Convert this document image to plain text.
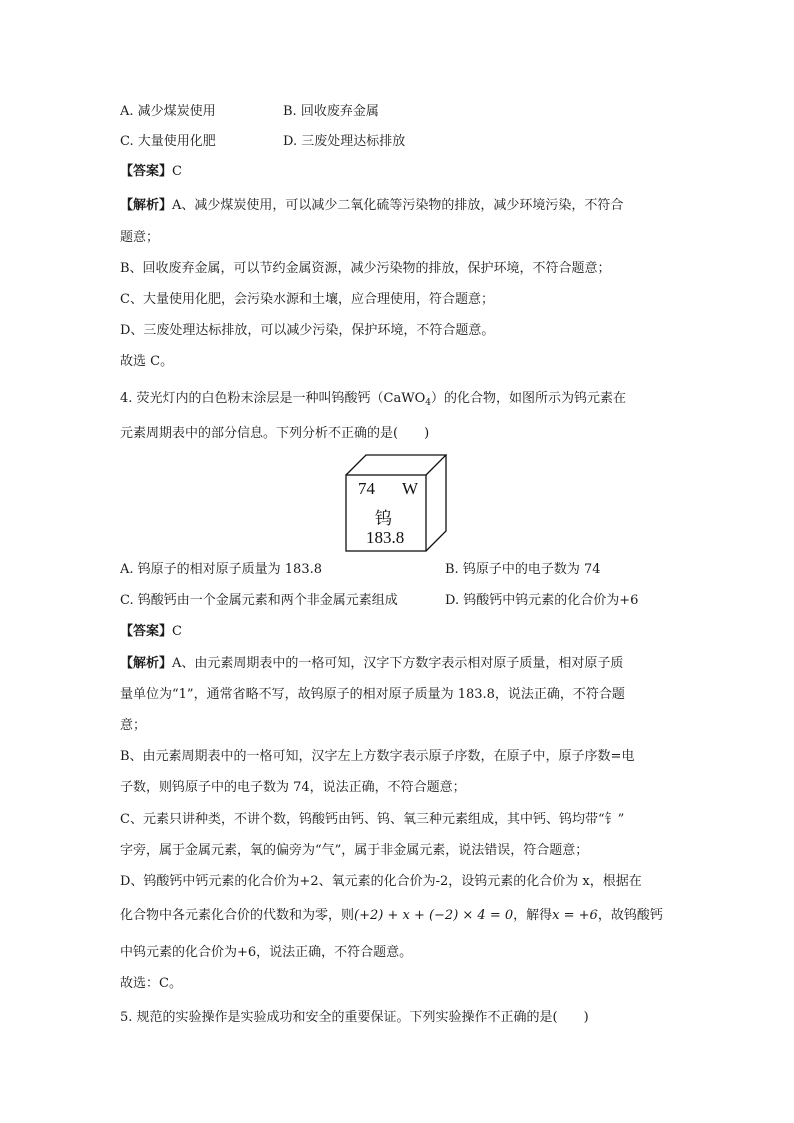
A. 减少煤炭使用	B. 回收废弃金属
C. 大量使用化肥	D. 三废处理达标排放
【答案】C
【解析】A、减少煤炭使用，可以减少二氧化硫等污染物的排放，减少环境污染，不符合
题意；
B、回收废弃金属，可以节约金属资源，减少污染物的排放，保护环境，不符合题意；
C、大量使用化肥，会污染水源和土壤，应合理使用，符合题意；
D、三废处理达标排放，可以减少污染，保护环境，不符合题意。
故选 C。
4. 荧光灯内的白色粉末涂层是一种叫钨酸钙（CaWO$_4$）的化合物，如图所示为钨元素在
元素周期表中的部分信息。下列分析不正确的是(　　)
74 W
钨
183.8
A. 钨原子的相对原子质量为 183.8	B. 钨原子中的电子数为 74
C. 钨酸钙由一个金属元素和两个非金属元素组成	D. 钨酸钙中钨元素的化合价为+6
【答案】C
【解析】A、由元素周期表中的一格可知，汉字下方数字表示相对原子质量，相对原子质
量单位为“1”，通常省略不写，故钨原子的相对原子质量为 183.8，说法正确，不符合题
意；
B、由元素周期表中的一格可知，汉字左上方数字表示原子序数，在原子中，原子序数=电
子数，则钨原子中的电子数为 74，说法正确，不符合题意；
C、元素只讲种类，不讲个数，钨酸钙由钙、钨、氧三种元素组成，其中钙、钨均带“钅”
字旁，属于金属元素，氧的偏旁为“气”，属于非金属元素，说法错误，符合题意；
D、钨酸钙中钙元素的化合价为+2、氧元素的化合价为-2，设钨元素的化合价为 x，根据在
化合物中各元素化合价的代数和为零，则(+2) + x + (−2) × 4 = 0，解得x = +6，故钨酸钙
中钨元素的化合价为+6，说法正确，不符合题意。
故选：C。
5. 规范的实验操作是实验成功和安全的重要保证。下列实验操作不正确的是(　　)
